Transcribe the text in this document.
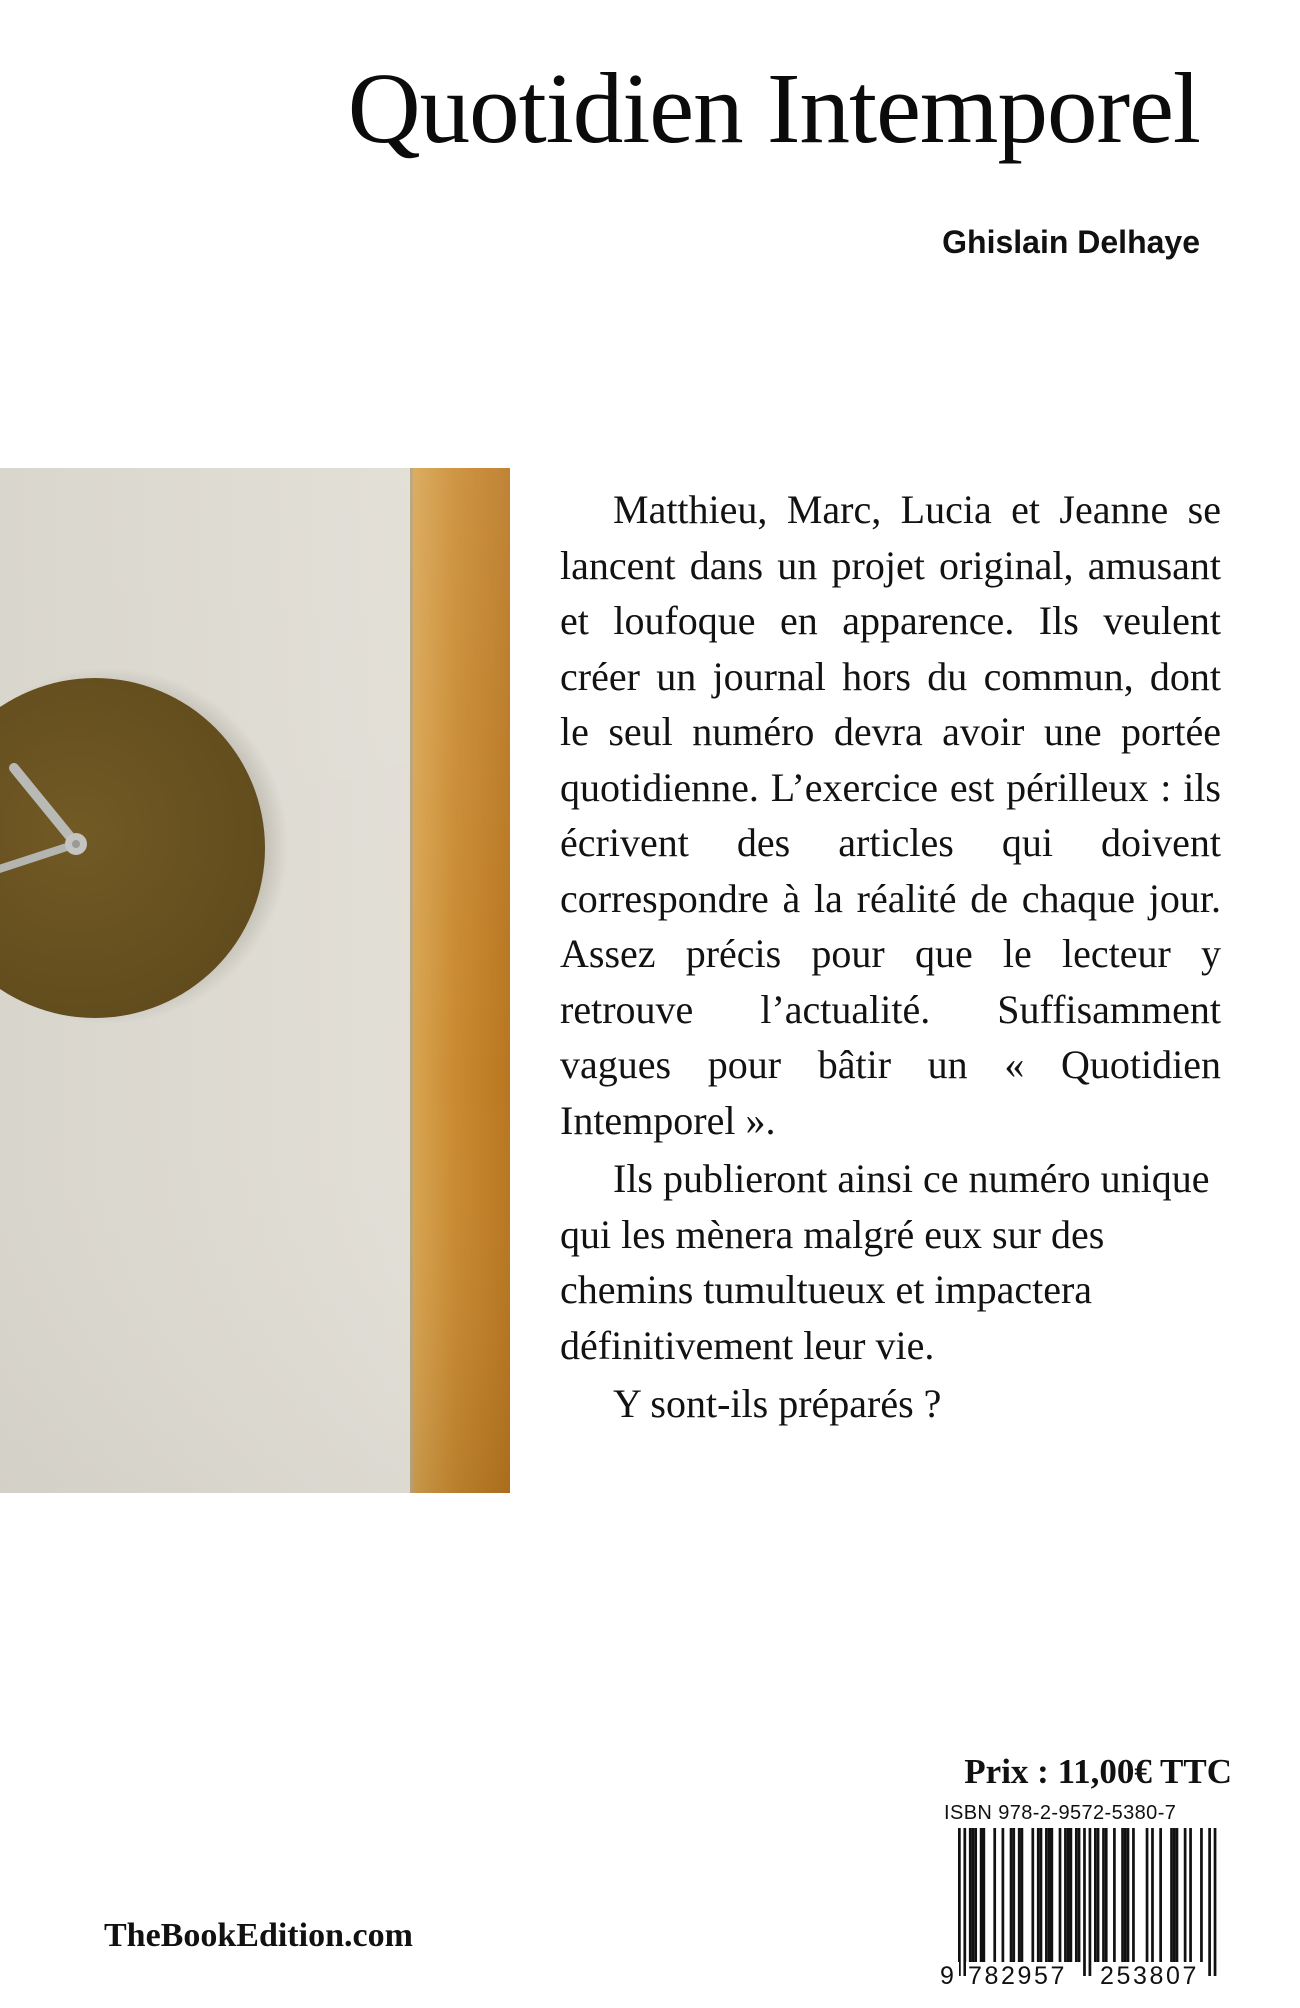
Quotidien Intemporel
Ghislain Delhaye

Matthieu, Marc, Lucia et Jeanne se lancent dans un projet original, amusant et loufoque en apparence. Ils veulent créer un journal hors du commun, dont le seul numéro devra avoir une portée quotidienne. L’exercice est périlleux : ils écrivent des articles qui doivent correspondre à la réalité de chaque jour. Assez précis pour que le lecteur y retrouve l’actualité. Suffisamment vagues pour bâtir un « Quotidien Intemporel ».

Ils publieront ainsi ce numéro unique qui les mènera malgré eux sur des chemins tumultueux et impactera définitivement leur vie.

Y sont-ils préparés ?

Prix : 11,00€ TTC
ISBN 978-2-9572-5380-7
9 782957 253807
TheBookEdition.com
